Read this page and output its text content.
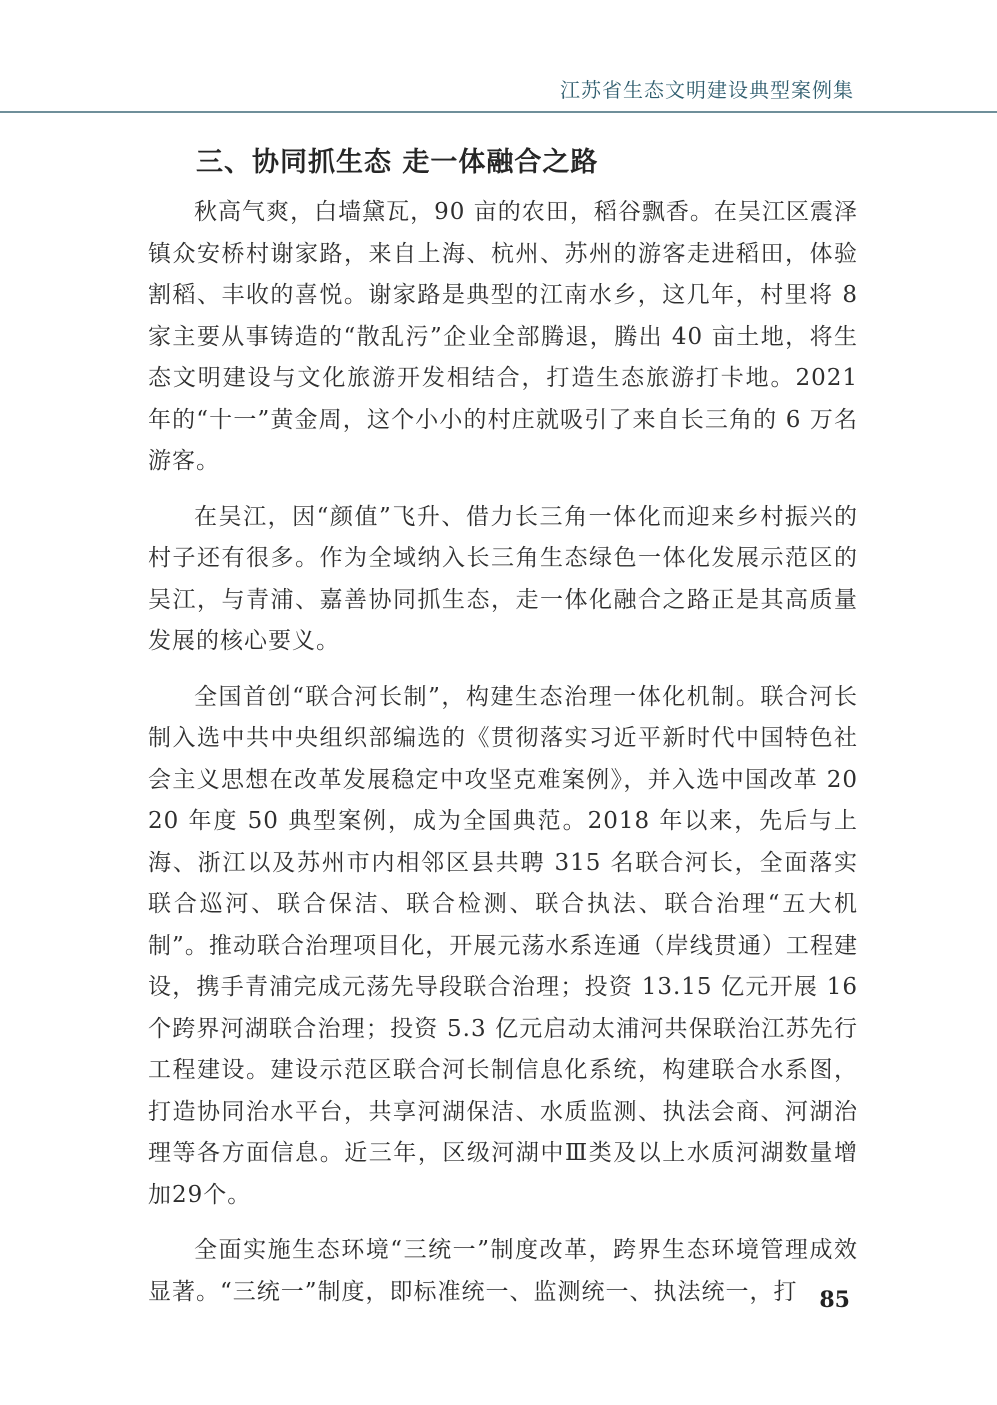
江苏省生态文明建设典型案例集
三、协同抓生态 走一体融合之路

秋高气爽，白墙黛瓦，90 亩的农田，稻谷飘香。在吴江区震泽镇众安桥村谢家路，来自上海、杭州、苏州的游客走进稻田，体验割稻、丰收的喜悦。谢家路是典型的江南水乡，这几年，村里将 8 家主要从事铸造的“散乱污”企业全部腾退，腾出 40 亩土地，将生态文明建设与文化旅游开发相结合，打造生态旅游打卡地。2021 年的“十一”黄金周，这个小小的村庄就吸引了来自长三角的 6 万名游客。

在吴江，因“颜值”飞升、借力长三角一体化而迎来乡村振兴的村子还有很多。作为全域纳入长三角生态绿色一体化发展示范区的吴江，与青浦、嘉善协同抓生态，走一体化融合之路正是其高质量发展的核心要义。

全国首创“联合河长制”，构建生态治理一体化机制。联合河长制入选中共中央组织部编选的《贯彻落实习近平新时代中国特色社会主义思想在改革发展稳定中攻坚克难案例》，并入选中国改革 2020 年度 50 典型案例，成为全国典范。2018 年以来，先后与上海、浙江以及苏州市内相邻区县共聘 315 名联合河长，全面落实联合巡河、联合保洁、联合检测、联合执法、联合治理“五大机制”。推动联合治理项目化，开展元荡水系连通（岸线贯通）工程建设，携手青浦完成元荡先导段联合治理；投资 13.15 亿元开展 16 个跨界河湖联合治理；投资 5.3 亿元启动太浦河共保联治江苏先行工程建设。建设示范区联合河长制信息化系统，构建联合水系图，打造协同治水平台，共享河湖保洁、水质监测、执法会商、河湖治理等各方面信息。近三年，区级河湖中Ⅲ类及以上水质河湖数量增加29个。

全面实施生态环境“三统一”制度改革，跨界生态环境管理成效显著。“三统一”制度，即标准统一、监测统一、执法统一，打 85
